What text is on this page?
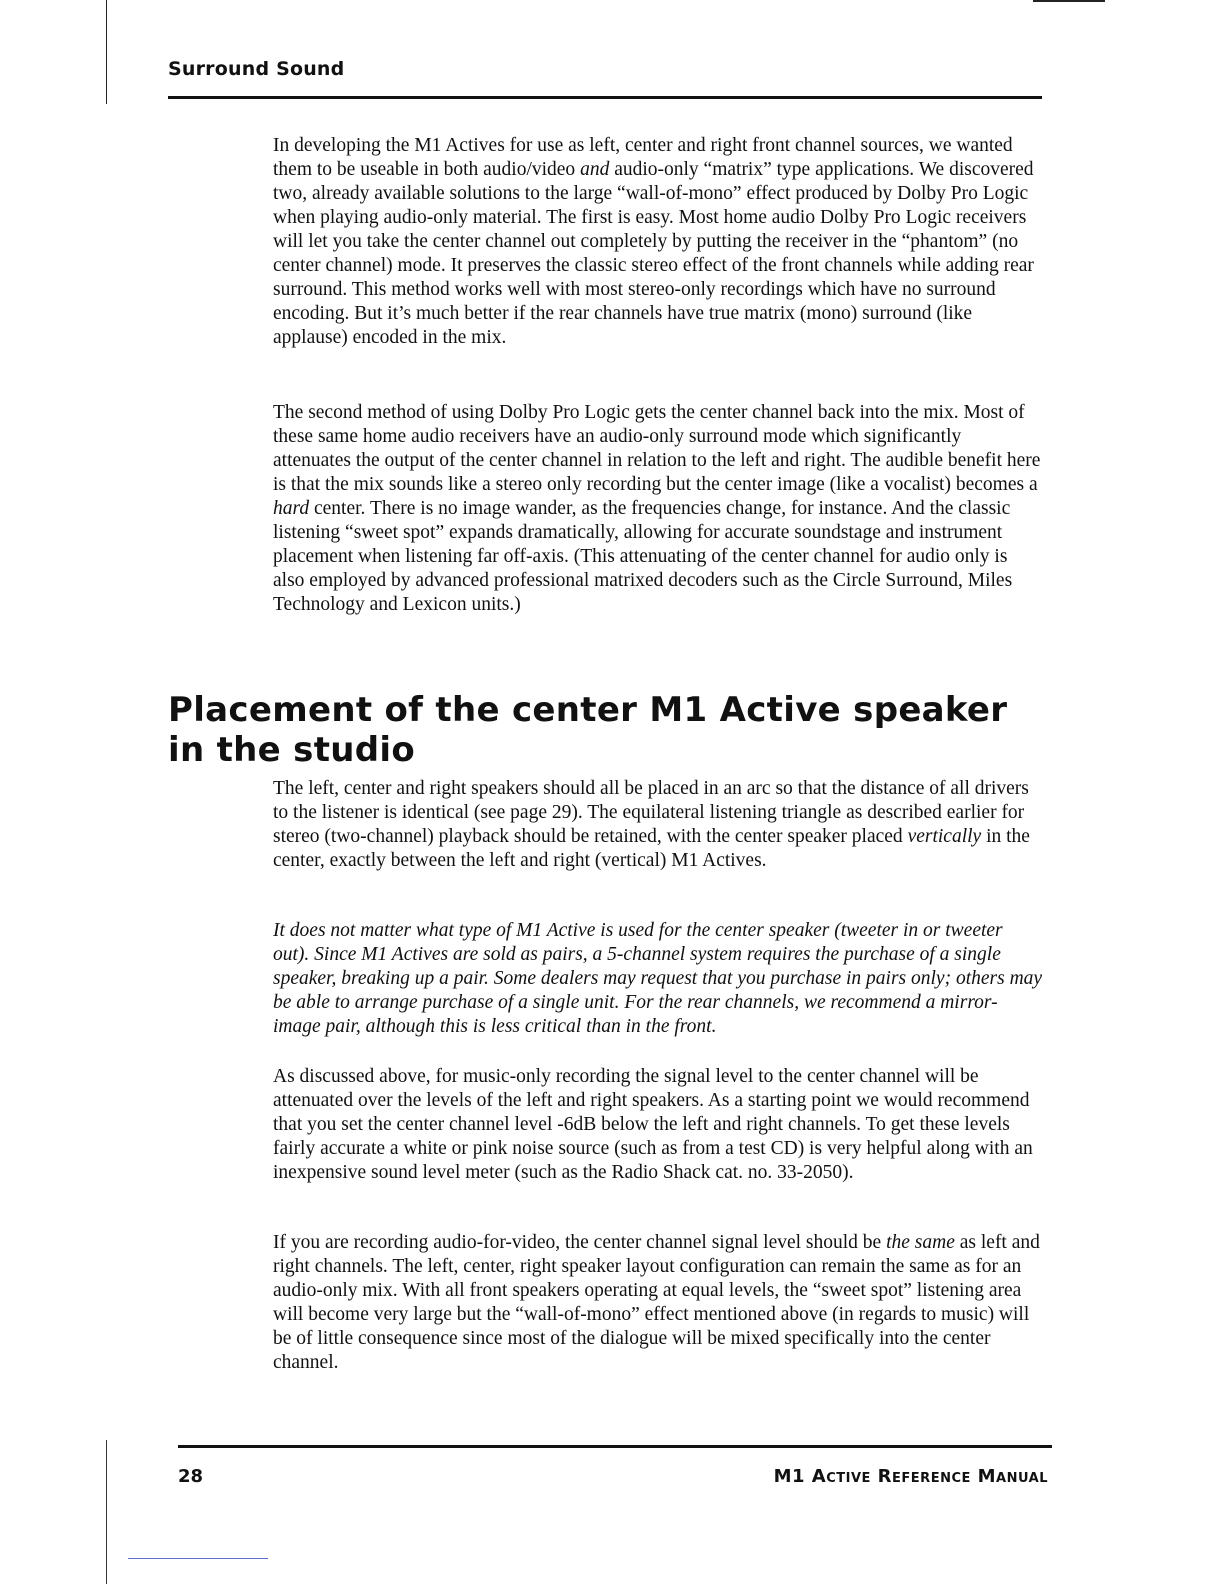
Surround Sound

In developing the M1 Actives for use as left, center and right front channel sources, we wanted them to be useable in both audio/video and audio-only “matrix” type applications. We discovered two, already available solutions to the large “wall-of-mono” effect produced by Dolby Pro Logic when playing audio-only material. The first is easy. Most home audio Dolby Pro Logic receivers will let you take the center channel out completely by putting the receiver in the “phantom” (no center channel) mode. It preserves the classic stereo effect of the front channels while adding rear surround. This method works well with most stereo-only recordings which have no surround encoding. But it’s much better if the rear channels have true matrix (mono) surround (like applause) encoded in the mix.

The second method of using Dolby Pro Logic gets the center channel back into the mix. Most of these same home audio receivers have an audio-only surround mode which significantly attenuates the output of the center channel in relation to the left and right. The audible benefit here is that the mix sounds like a stereo only recording but the center image (like a vocalist) becomes a hard center. There is no image wander, as the frequencies change, for instance. And the classic listening “sweet spot” expands dramatically, allowing for accurate soundstage and instrument placement when listening far off-axis. (This attenuating of the center channel for audio only is also employed by advanced professional matrixed decoders such as the Circle Surround, Miles Technology and Lexicon units.)

Placement of the center M1 Active speaker in the studio

The left, center and right speakers should all be placed in an arc so that the distance of all drivers to the listener is identical (see page 29). The equilateral listening triangle as described earlier for stereo (two-channel) playback should be retained, with the center speaker placed vertically in the center, exactly between the left and right (vertical) M1 Actives.

It does not matter what type of M1 Active is used for the center speaker (tweeter in or tweeter out). Since M1 Actives are sold as pairs, a 5-channel system requires the purchase of a single speaker, breaking up a pair. Some dealers may request that you purchase in pairs only; others may be able to arrange purchase of a single unit. For the rear channels, we recommend a mirror-image pair, although this is less critical than in the front.

As discussed above, for music-only recording the signal level to the center channel will be attenuated over the levels of the left and right speakers. As a starting point we would recommend that you set the center channel level -6dB below the left and right channels. To get these levels fairly accurate a white or pink noise source (such as from a test CD) is very helpful along with an inexpensive sound level meter (such as the Radio Shack cat. no. 33-2050).

If you are recording audio-for-video, the center channel signal level should be the same as left and right channels. The left, center, right speaker layout configuration can remain the same as for an audio-only mix. With all front speakers operating at equal levels, the “sweet spot” listening area will become very large but the “wall-of-mono” effect mentioned above (in regards to music) will be of little consequence since most of the dialogue will be mixed specifically into the center channel.

28	M1 Active Reference Manual
